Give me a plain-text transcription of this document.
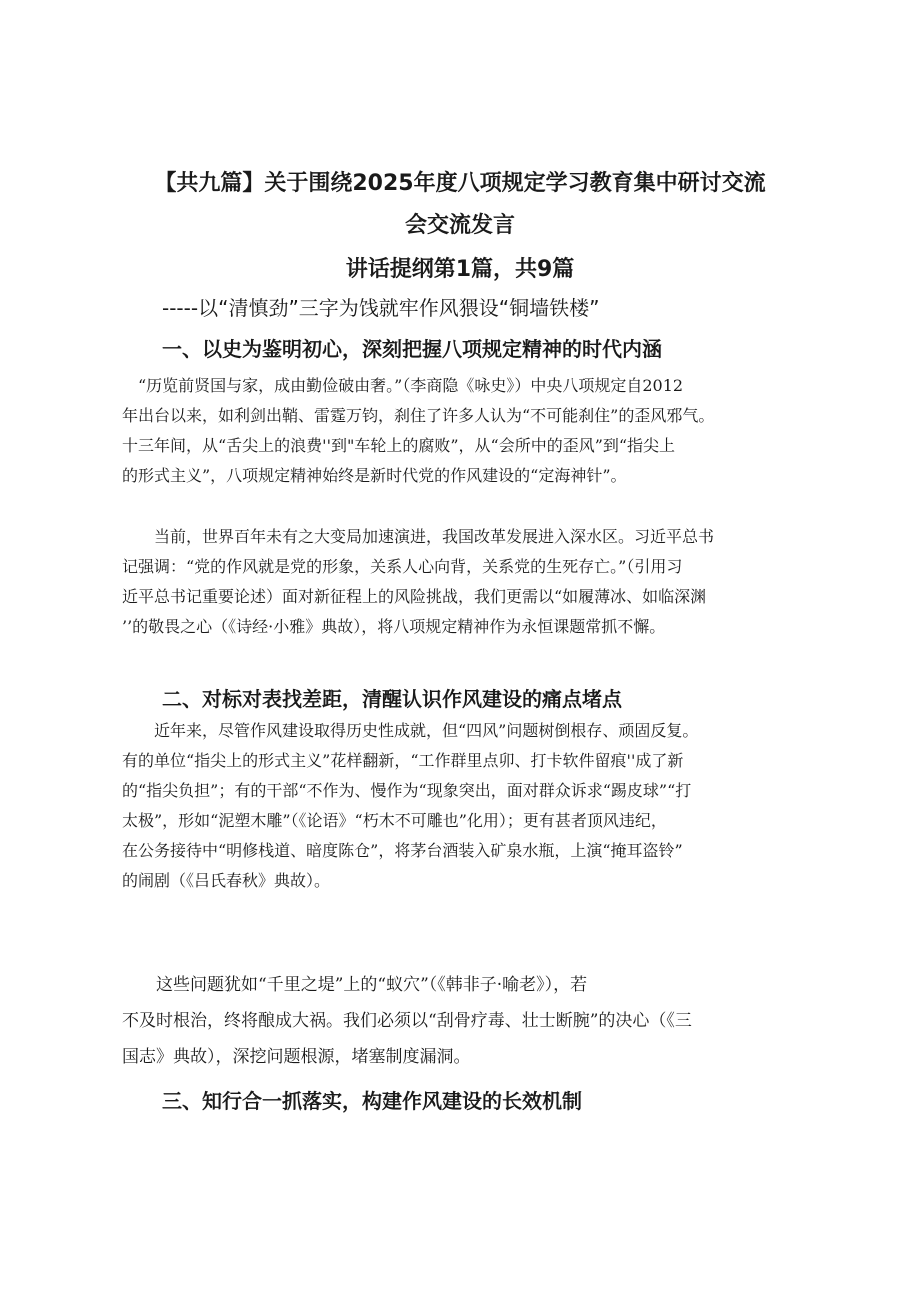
【共九篇】关于围绕2025年度八项规定学习教育集中研讨交流
会交流发言
讲话提纲第1篇，共9篇
-----以“清慎劲”三字为饯就牢作风猥设“铜墙铁楼”
一、以史为鉴明初心，深刻把握八项规定精神的时代内涵
　“历览前贤国与家，成由勤俭破由奢。”（李商隐《咏史》）中央八项规定自2012
年出台以来，如利剑出鞘、雷霆万钧，刹住了许多人认为“不可能刹住”的歪风邪气。
十三年间，从“舌尖上的浪费''到"车轮上的腐败”，从“会所中的歪风”到“指尖上
的形式主义”，八项规定精神始终是新时代党的作风建设的“定海神针”。
　　当前，世界百年未有之大变局加速演进，我国改革发展进入深水区。习近平总书
记强调：“党的作风就是党的形象，关系人心向背，关系党的生死存亡。”（引用习
近平总书记重要论述）面对新征程上的风险挑战，我们更需以“如履薄冰、如临深渊
’’的敬畏之心（《诗经·小雅》典故），将八项规定精神作为永恒课题常抓不懈。
二、对标对表找差距，清醒认识作风建设的痛点堵点
　　近年来，尽管作风建设取得历史性成就，但“四风”问题树倒根存、顽固反复。
有的单位“指尖上的形式主义”花样翻新，“工作群里点卯、打卡软件留痕''成了新
的“指尖负担”；有的干部“不作为、慢作为“现象突出，面对群众诉求“踢皮球”“打
太极”，形如“泥塑木雕”（《论语》“朽木不可雕也”化用）；更有甚者顶风违纪，
在公务接待中“明修栈道、暗度陈仓”，将茅台酒装入矿泉水瓶，上演“掩耳盗铃”
的闹剧（《吕氏春秋》典故）。
　　这些问题犹如“千里之堤”上的“蚁穴”（《韩非子·喻老》），若
不及时根治，终将酿成大祸。我们必须以“刮骨疗毒、壮士断腕”的决心（《三
国志》典故），深挖问题根源，堵塞制度漏洞。
三、知行合一抓落实，构建作风建设的长效机制
